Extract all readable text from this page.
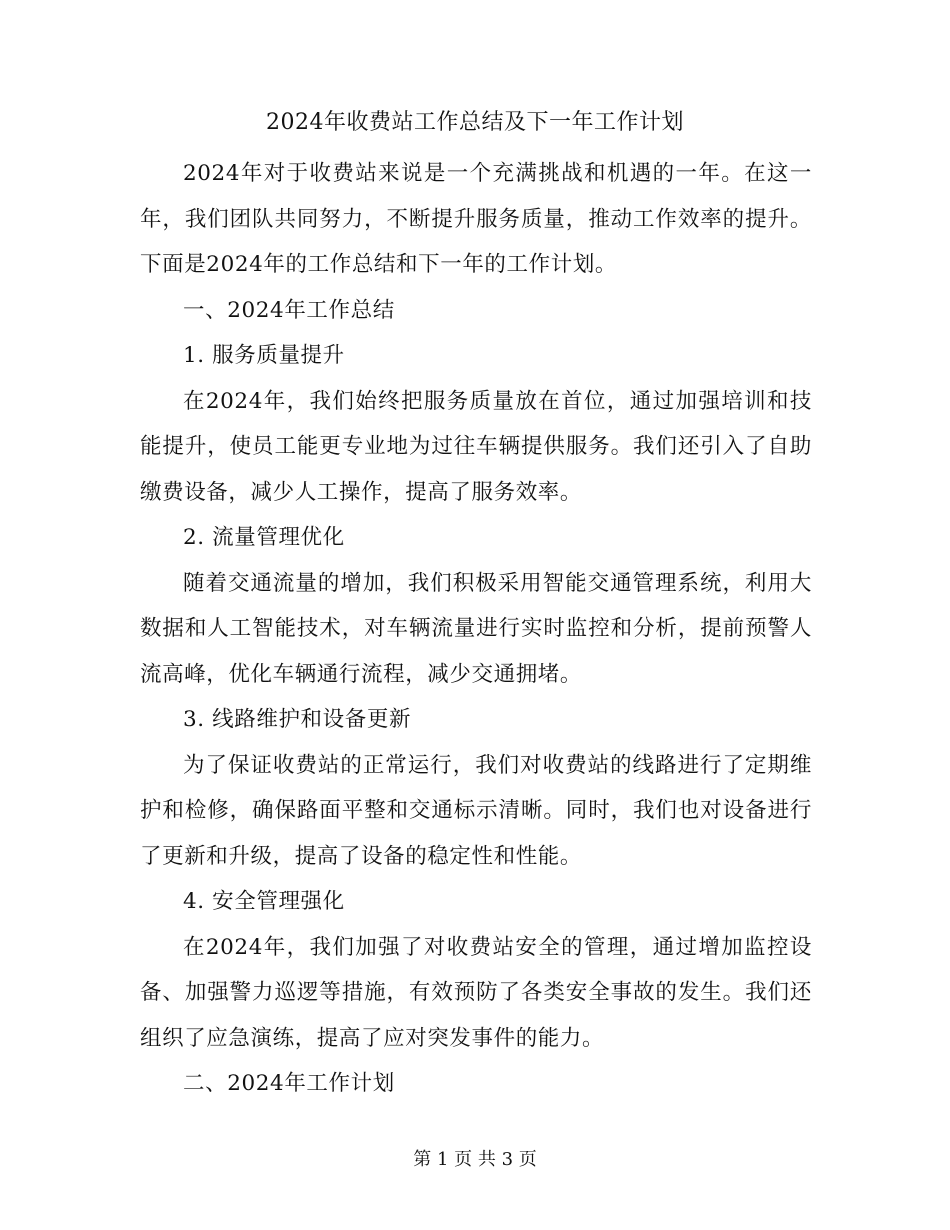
2024年收费站工作总结及下一年工作计划

2024年对于收费站来说是一个充满挑战和机遇的一年。在这一年，我们团队共同努力，不断提升服务质量，推动工作效率的提升。下面是2024年的工作总结和下一年的工作计划。

一、2024年工作总结

1. 服务质量提升

在2024年，我们始终把服务质量放在首位，通过加强培训和技能提升，使员工能更专业地为过往车辆提供服务。我们还引入了自助缴费设备，减少人工操作，提高了服务效率。

2. 流量管理优化

随着交通流量的增加，我们积极采用智能交通管理系统，利用大数据和人工智能技术，对车辆流量进行实时监控和分析，提前预警人流高峰，优化车辆通行流程，减少交通拥堵。

3. 线路维护和设备更新

为了保证收费站的正常运行，我们对收费站的线路进行了定期维护和检修，确保路面平整和交通标示清晰。同时，我们也对设备进行了更新和升级，提高了设备的稳定性和性能。

4. 安全管理强化

在2024年，我们加强了对收费站安全的管理，通过增加监控设备、加强警力巡逻等措施，有效预防了各类安全事故的发生。我们还组织了应急演练，提高了应对突发事件的能力。

二、2024年工作计划

第 1 页 共 3 页
